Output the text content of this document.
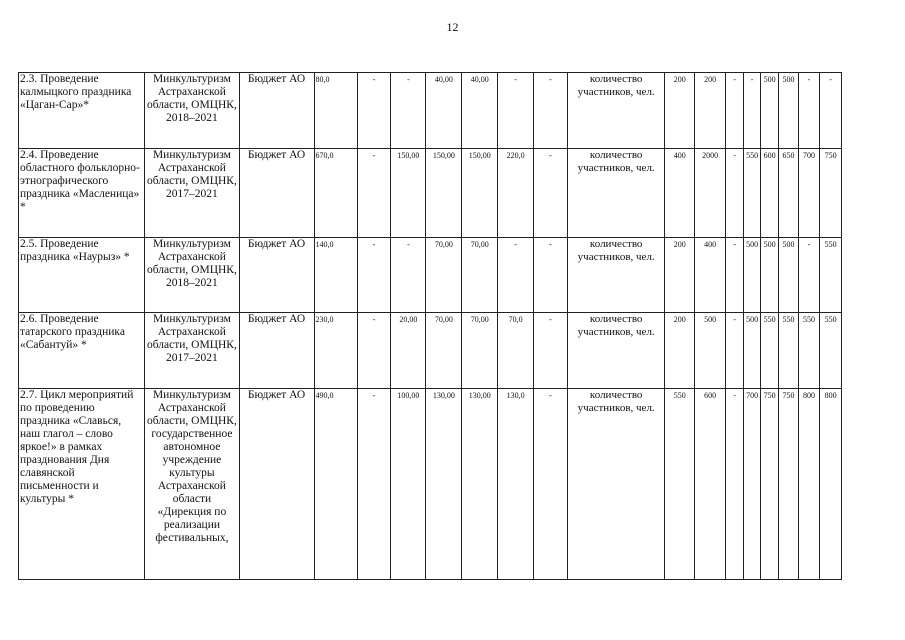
12
2.3. Проведение калмыцкого праздника «Цаган-Сар»*	Минкультуризм Астраханской области, ОМЦНК, 2018–2021	Бюджет АО	80,0	-	-	40,00	40,00	-	-	количество участников, чел.	200	200	-	-	500	500	-	-
2.4. Проведение областного фольклорно-этнографического праздника «Масленица» *	Минкультуризм Астраханской области, ОМЦНК, 2017–2021	Бюджет АО	670,0	-	150,00	150,00	150,00	220,0	-	количество участников, чел.	400	2000	-	550	600	650	700	750
2.5. Проведение праздника «Наурыз» *	Минкультуризм Астраханской области, ОМЦНК, 2018–2021	Бюджет АО	140,0	-	-	70,00	70,00	-	-	количество участников, чел.	200	400	-	500	500	500	-	550
2.6. Проведение татарского праздника «Сабантуй» *	Минкультуризм Астраханской области, ОМЦНК, 2017–2021	Бюджет АО	230,0	-	20,00	70,00	70,00	70,0	-	количество участников, чел.	200	500	-	500	550	550	550	550
2.7. Цикл мероприятий по проведению праздника «Славься, наш глагол – слово яркое!» в рамках празднования Дня славянской письменности и культуры *	Минкультуризм Астраханской области, ОМЦНК, государственное автономное учреждение культуры Астраханской области «Дирекция по реализации фестивальных,	Бюджет АО	490,0	-	100,00	130,00	130,00	130,0	-	количество участников, чел.	550	600	-	700	750	750	800	800
